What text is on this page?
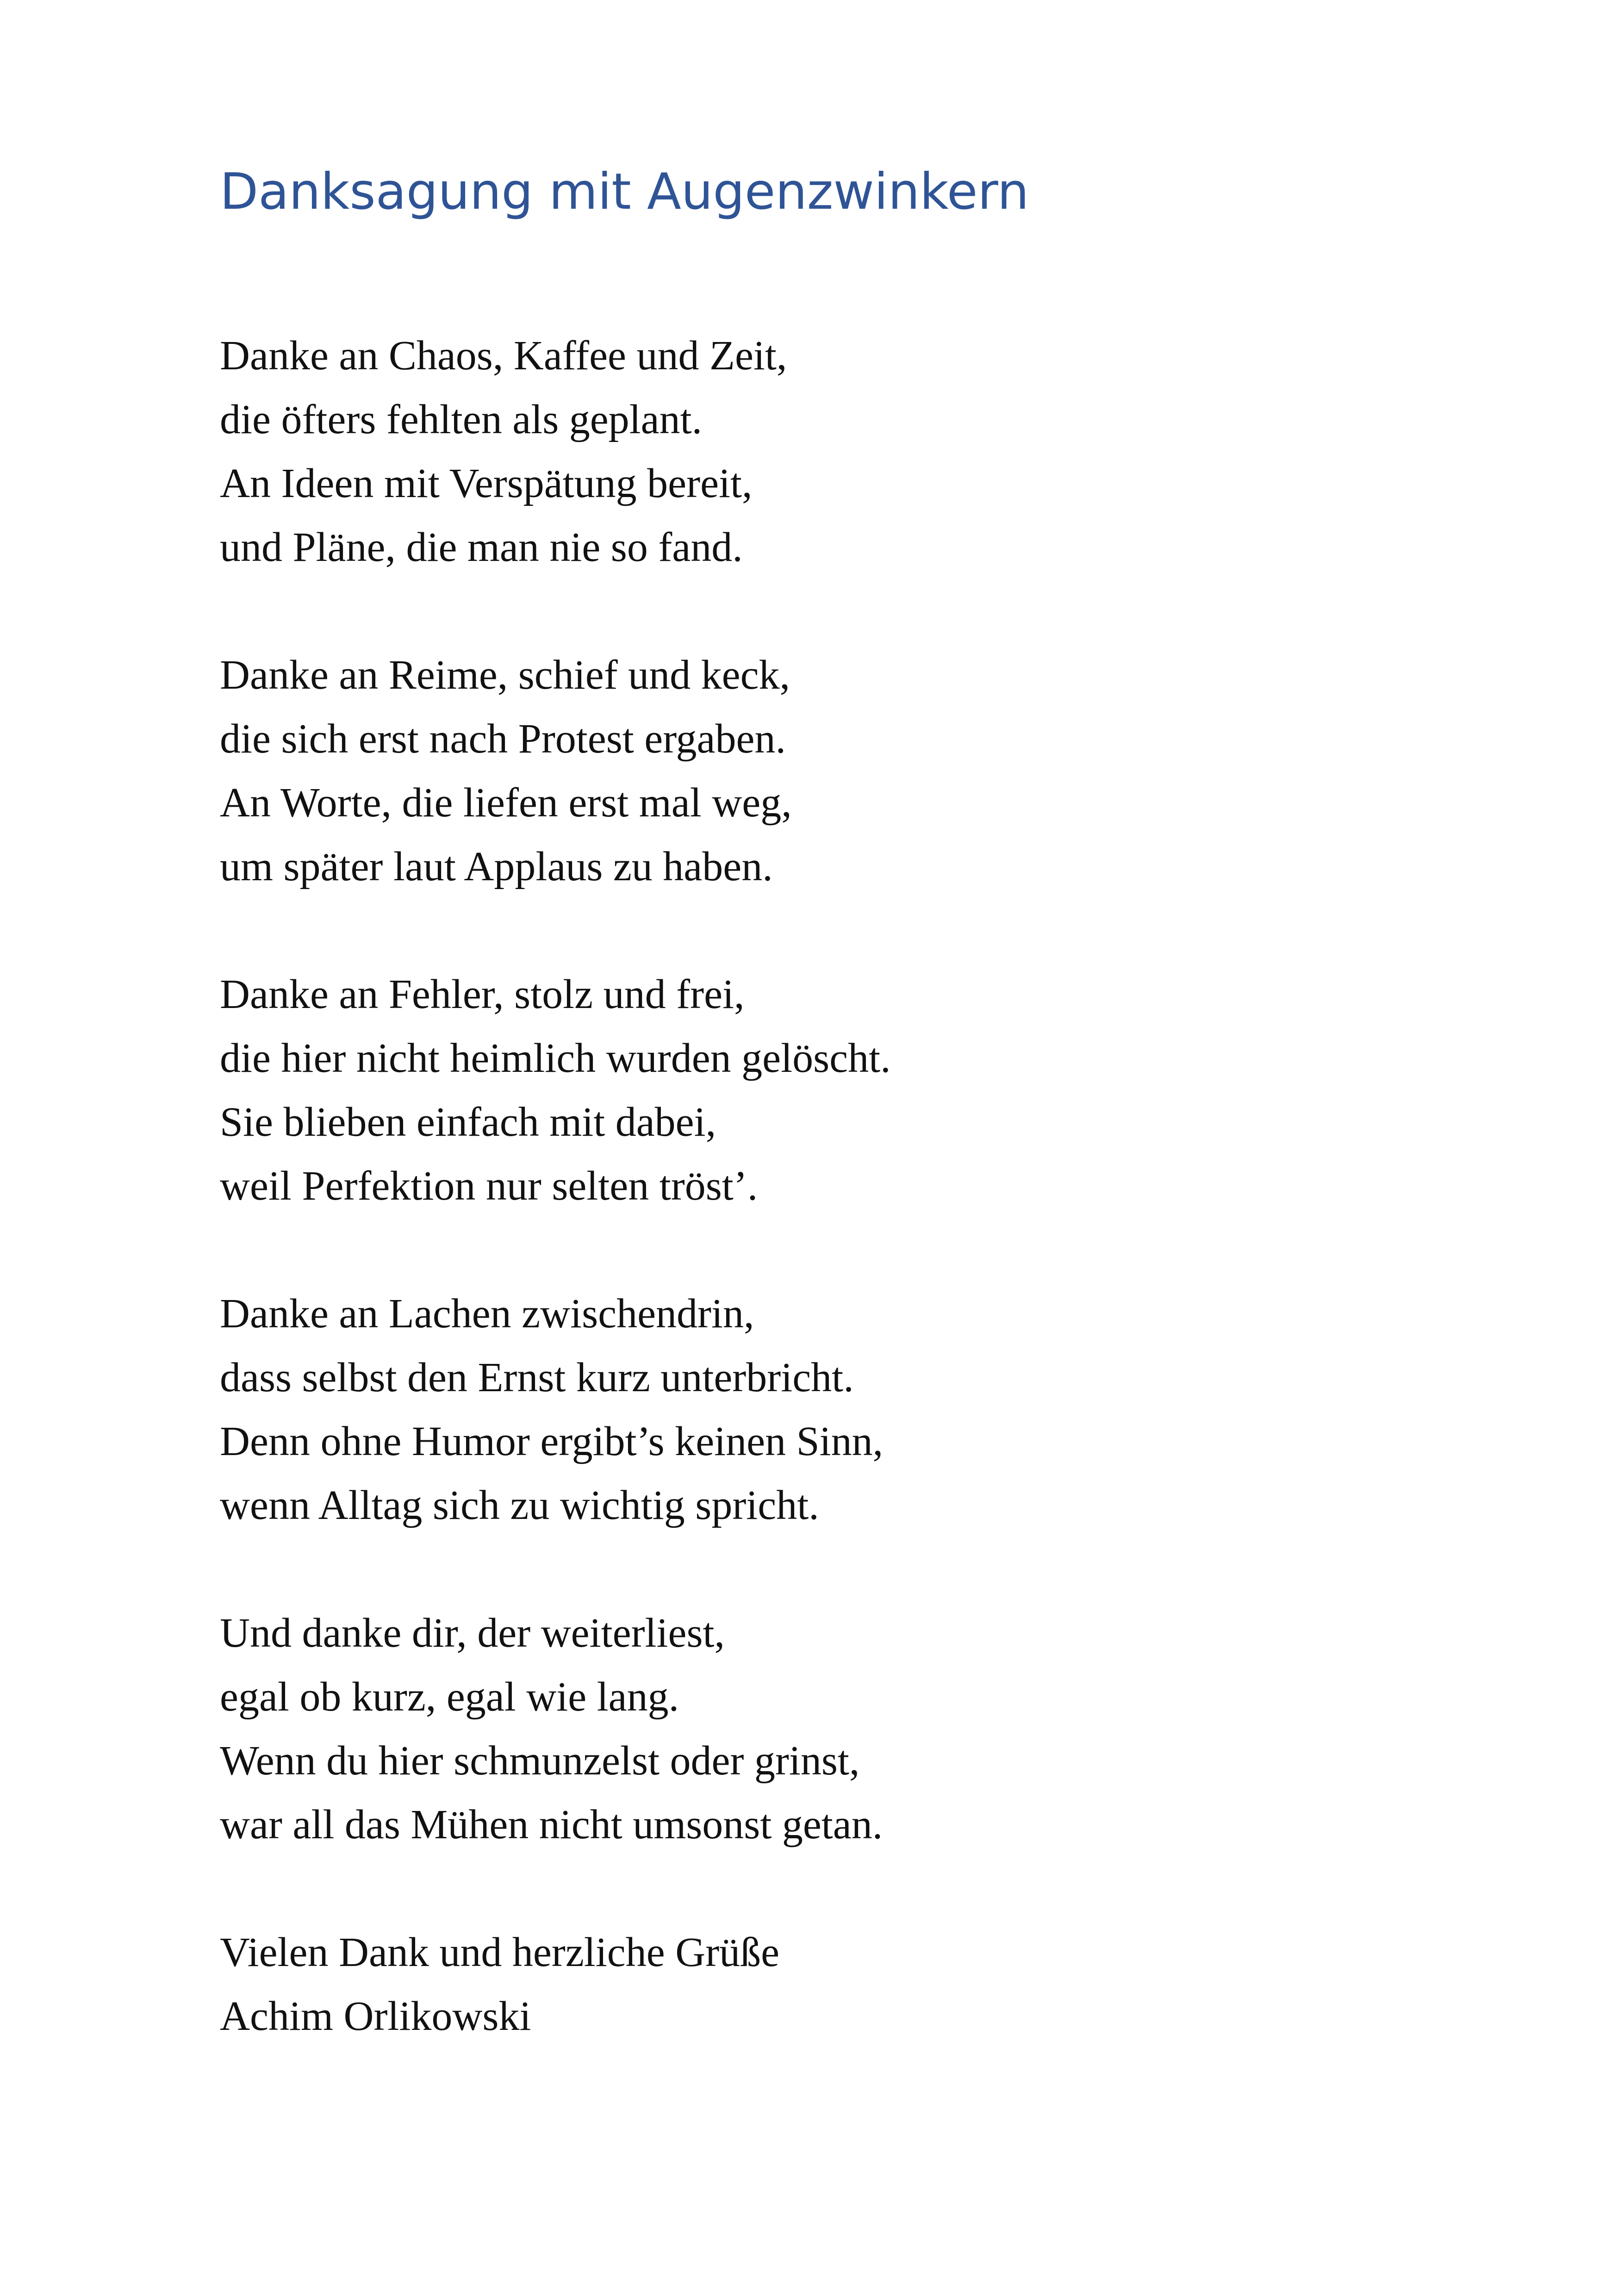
Danksagung mit Augenzwinkern
Danke an Chaos, Kaffee und Zeit,
die öfters fehlten als geplant.
An Ideen mit Verspätung bereit,
und Pläne, die man nie so fand.
Danke an Reime, schief und keck,
die sich erst nach Protest ergaben.
An Worte, die liefen erst mal weg,
um später laut Applaus zu haben.
Danke an Fehler, stolz und frei,
die hier nicht heimlich wurden gelöscht.
Sie blieben einfach mit dabei,
weil Perfektion nur selten tröst’.
Danke an Lachen zwischendrin,
dass selbst den Ernst kurz unterbricht.
Denn ohne Humor ergibt’s keinen Sinn,
wenn Alltag sich zu wichtig spricht.
Und danke dir, der weiterliest,
egal ob kurz, egal wie lang.
Wenn du hier schmunzelst oder grinst,
war all das Mühen nicht umsonst getan.
Vielen Dank und herzliche Grüße
Achim Orlikowski
